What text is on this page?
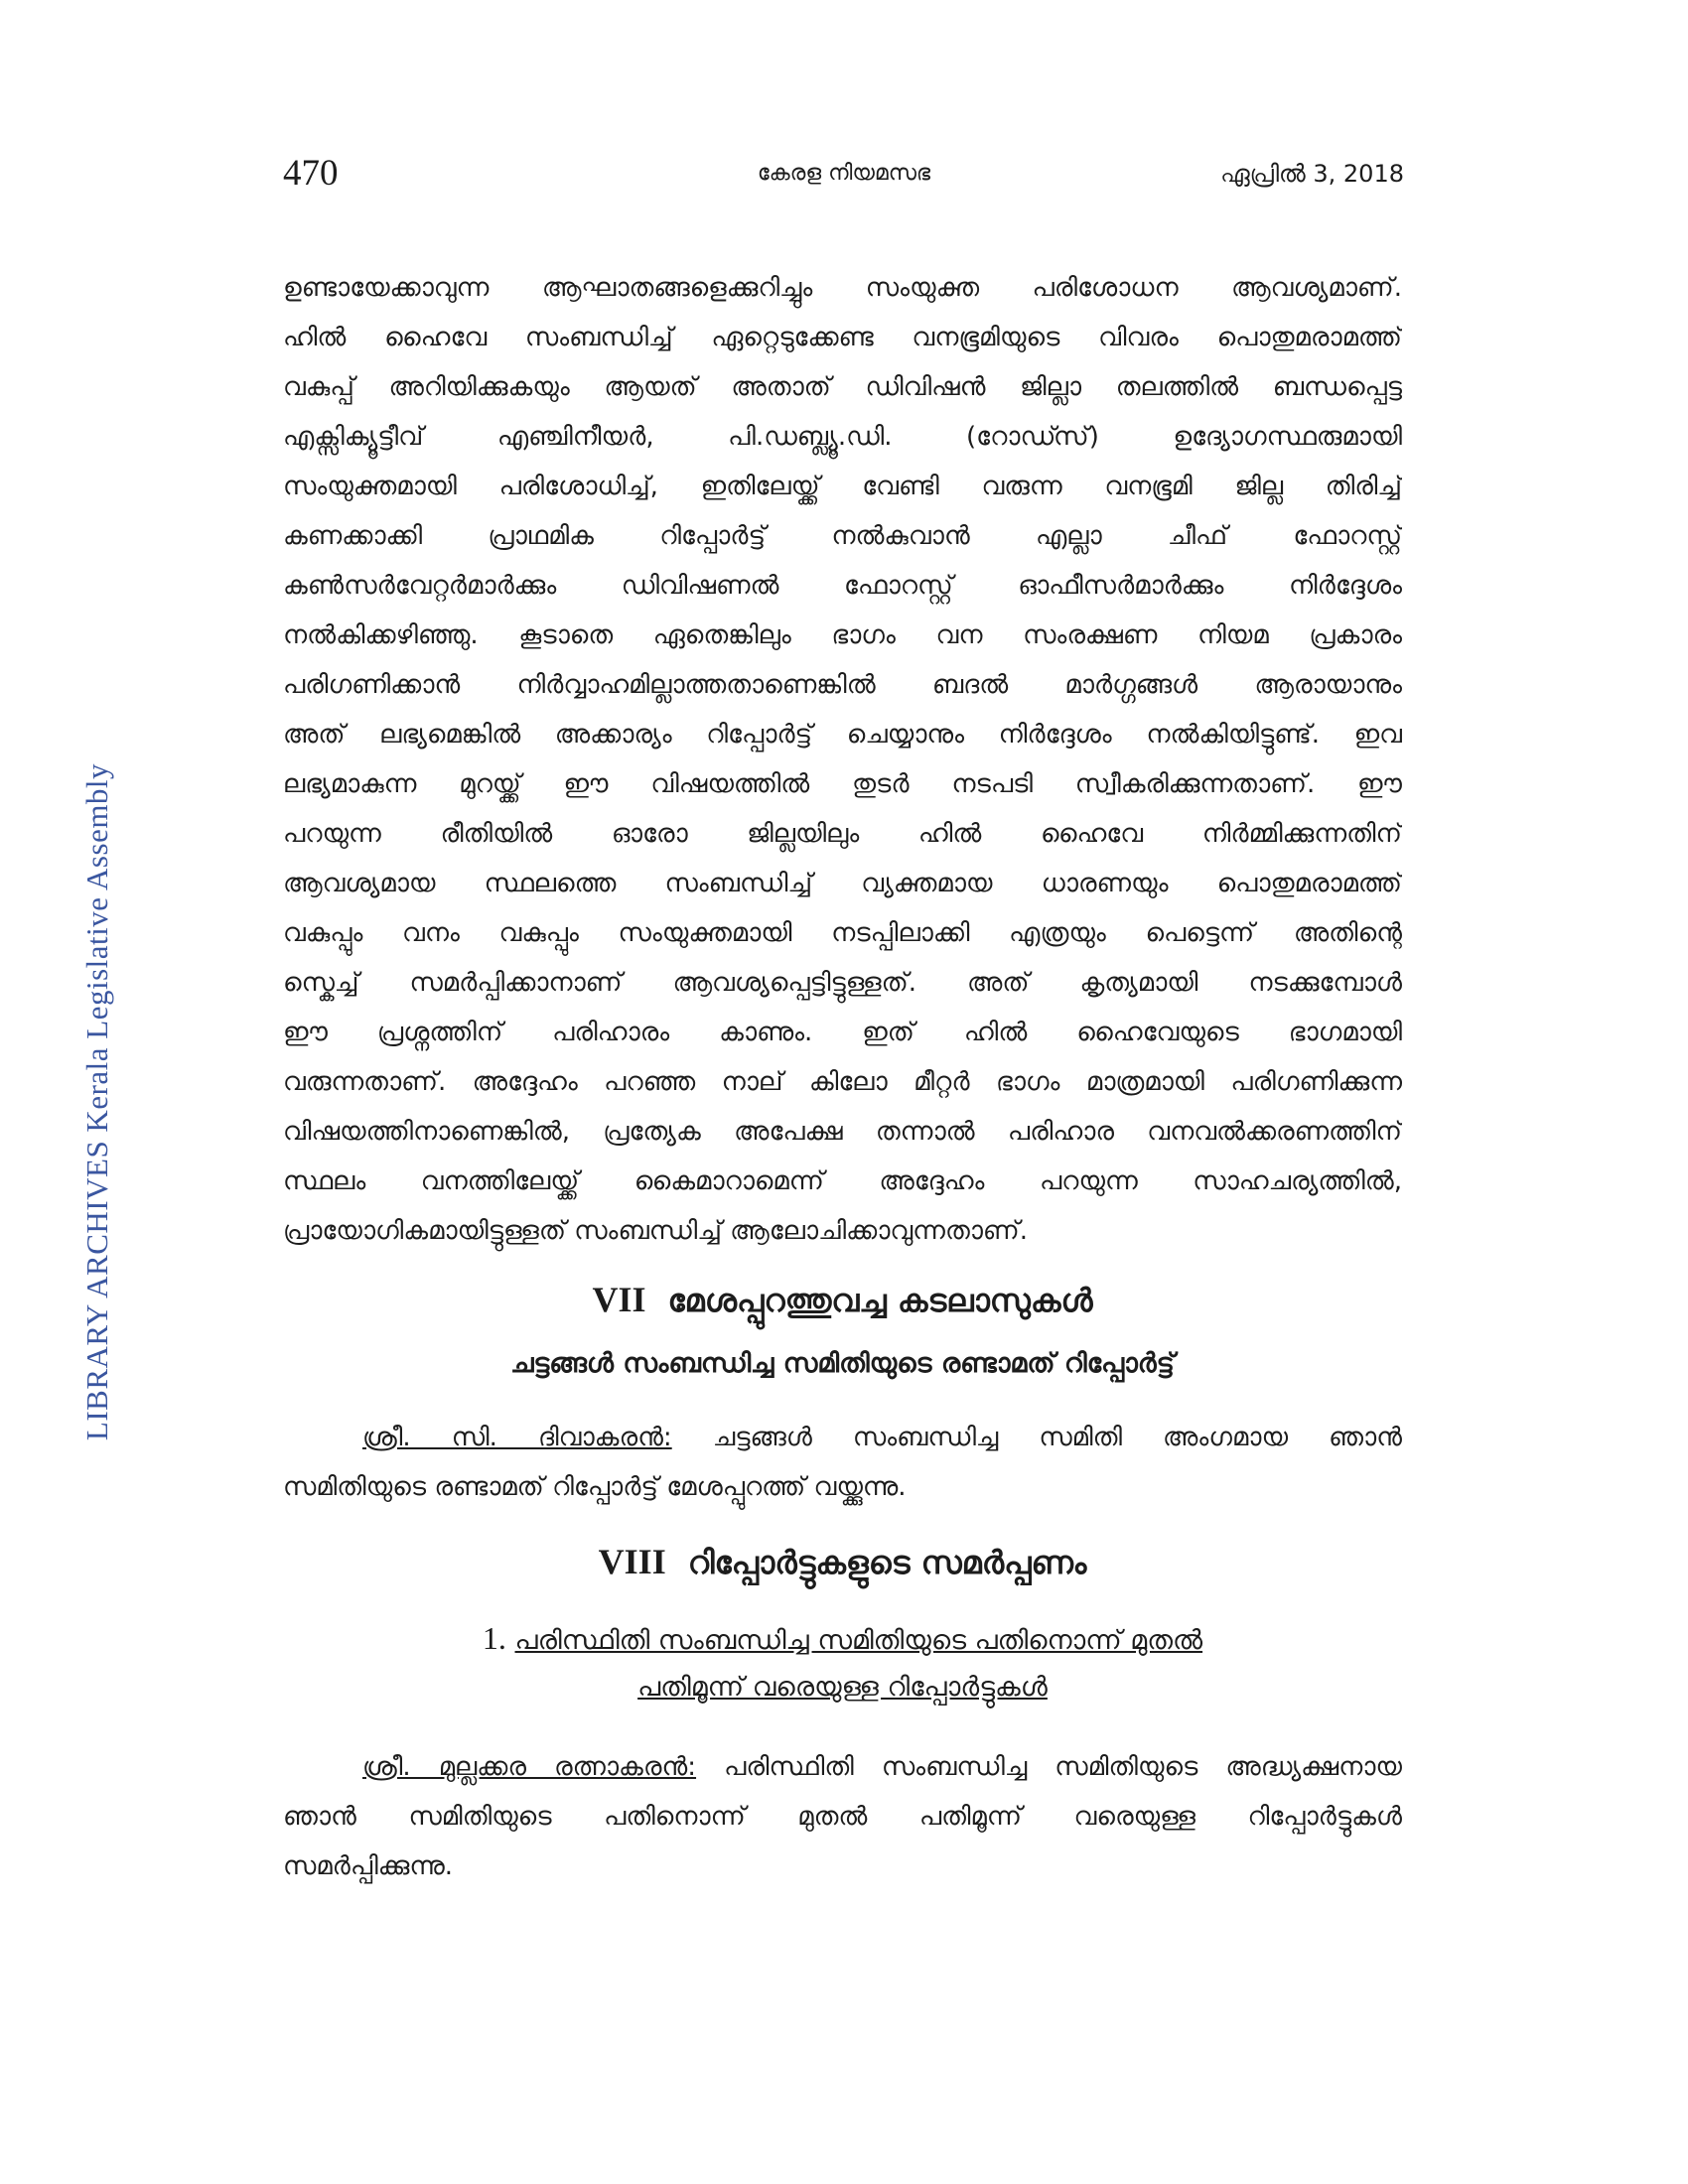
LIBRARY ARCHIVES Kerala Legislative Assembly
470	കേരള നിയമസഭ	ഏപ്രിൽ 3, 2018
ഉണ്ടായേക്കാവുന്ന ആഘാതങ്ങളെക്കുറിച്ചും സംയുക്ത പരിശോധന ആവശ്യമാണ്.
ഹിൽ ഹൈവേ സംബന്ധിച്ച് ഏറ്റെടുക്കേണ്ട വനഭൂമിയുടെ വിവരം പൊതുമരാമത്ത്
വകുപ്പ് അറിയിക്കുകയും ആയത് അതാത് ഡിവിഷൻ ജില്ലാ തലത്തിൽ ബന്ധപ്പെട്ട
എക്സിക്യൂട്ടീവ് എഞ്ചിനീയർ, പി.ഡബ്ല്യൂ.ഡി. (റോഡ്സ്) ഉദ്യോഗസ്ഥരുമായി
സംയുക്തമായി പരിശോധിച്ച്, ഇതിലേയ്ക്ക് വേണ്ടി വരുന്ന വനഭൂമി ജില്ല തിരിച്ച്
കണക്കാക്കി പ്രാഥമിക റിപ്പോർട്ട് നൽകുവാൻ എല്ലാ ചീഫ് ഫോറസ്റ്റ്
കൺസർവേറ്റർമാർക്കും ഡിവിഷണൽ ഫോറസ്റ്റ് ഓഫീസർമാർക്കും നിർദ്ദേശം
നൽകിക്കഴിഞ്ഞു. കൂടാതെ ഏതെങ്കിലും ഭാഗം വന സംരക്ഷണ നിയമ പ്രകാരം
പരിഗണിക്കാൻ നിർവ്വാഹമില്ലാത്തതാണെങ്കിൽ ബദൽ മാർഗ്ഗങ്ങൾ ആരായാനും
അത് ലഭ്യമെങ്കിൽ അക്കാര്യം റിപ്പോർട്ട് ചെയ്യാനും നിർദ്ദേശം നൽകിയിട്ടുണ്ട്. ഇവ
ലഭ്യമാകുന്ന മുറയ്ക്ക് ഈ വിഷയത്തിൽ തുടർ നടപടി സ്വീകരിക്കുന്നതാണ്. ഈ
പറയുന്ന രീതിയിൽ ഓരോ ജില്ലയിലും ഹിൽ ഹൈവേ നിർമ്മിക്കുന്നതിന്
ആവശ്യമായ സ്ഥലത്തെ സംബന്ധിച്ച് വ്യക്തമായ ധാരണയും പൊതുമരാമത്ത്
വകുപ്പും വനം വകുപ്പും സംയുക്തമായി നടപ്പിലാക്കി എത്രയും പെട്ടെന്ന് അതിന്റെ
സ്കെച്ച് സമർപ്പിക്കാനാണ് ആവശ്യപ്പെട്ടിട്ടുള്ളത്. അത് കൃത്യമായി നടക്കുമ്പോൾ
ഈ പ്രശ്നത്തിന് പരിഹാരം കാണും. ഇത് ഹിൽ ഹൈവേയുടെ ഭാഗമായി
വരുന്നതാണ്. അദ്ദേഹം പറഞ്ഞ നാല് കിലോ മീറ്റർ ഭാഗം മാത്രമായി പരിഗണിക്കുന്ന
വിഷയത്തിനാണെങ്കിൽ, പ്രത്യേക അപേക്ഷ തന്നാൽ പരിഹാര വനവൽക്കരണത്തിന്
സ്ഥലം വനത്തിലേയ്ക്ക് കൈമാറാമെന്ന് അദ്ദേഹം പറയുന്ന സാഹചര്യത്തിൽ,
പ്രായോഗികമായിട്ടുള്ളത് സംബന്ധിച്ച് ആലോചിക്കാവുന്നതാണ്.
VII മേശപ്പുറത്തുവച്ച കടലാസുകൾ
ചട്ടങ്ങൾ സംബന്ധിച്ച സമിതിയുടെ രണ്ടാമത് റിപ്പോർട്ട്
ശ്രീ. സി. ദിവാകരൻ: ചട്ടങ്ങൾ സംബന്ധിച്ച സമിതി അംഗമായ ഞാൻ
സമിതിയുടെ രണ്ടാമത് റിപ്പോർട്ട് മേശപ്പുറത്ത് വയ്ക്കുന്നു.
VIII റിപ്പോർട്ടുകളുടെ സമർപ്പണം
1. പരിസ്ഥിതി സംബന്ധിച്ച സമിതിയുടെ പതിനൊന്ന് മുതൽ
പതിമൂന്ന് വരെയുള്ള റിപ്പോർട്ടുകൾ
ശ്രീ. മുല്ലക്കര രത്നാകരൻ: പരിസ്ഥിതി സംബന്ധിച്ച സമിതിയുടെ അദ്ധ്യക്ഷനായ
ഞാൻ സമിതിയുടെ പതിനൊന്ന് മുതൽ പതിമൂന്ന് വരെയുള്ള റിപ്പോർട്ടുകൾ
സമർപ്പിക്കുന്നു.
